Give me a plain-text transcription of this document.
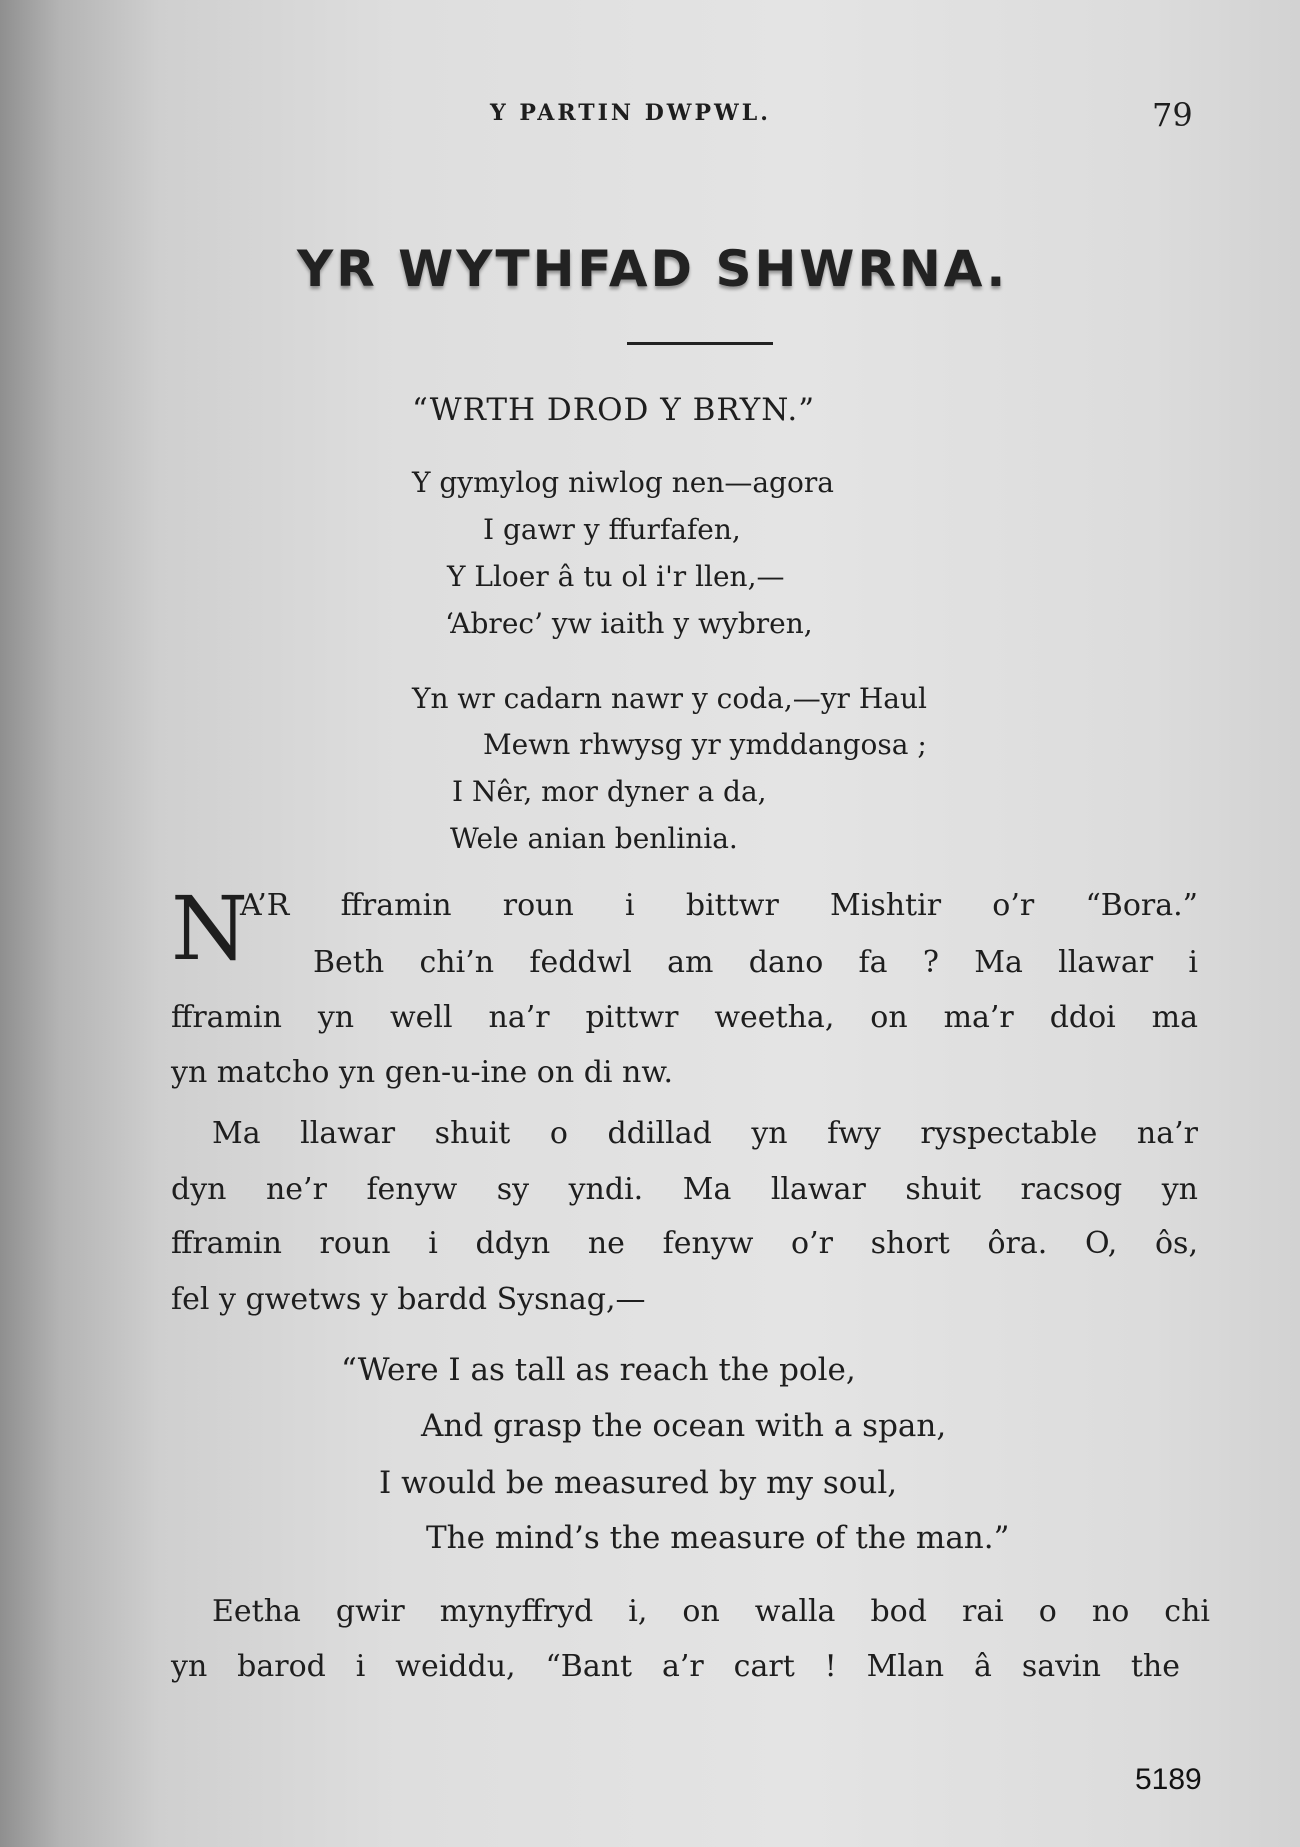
Y PARTIN DWPWL.	79
YR WYTHFAD SHWRNA.
“WRTH DROD Y BRYN.”
Y gymylog niwlog nen—agora
I gawr y ffurfafen,
Y Lloer â tu ol i'r llen,—
‘Abrec’ yw iaith y wybren,
Yn wr cadarn nawr y coda,—yr Haul
Mewn rhwysg yr ymddangosa ;
I Nêr, mor dyner a da,
Wele anian benlinia.
N
A’R fframin roun i bittwr Mishtir o’r “Bora.”
Beth chi’n feddwl am dano fa ? Ma llawar i
fframin yn well na’r pittwr weetha, on ma’r ddoi ma
yn matcho yn gen-u-ine on di nw.
Ma llawar shuit o ddillad yn fwy ryspectable na’r
dyn ne’r fenyw sy yndi. Ma llawar shuit racsog yn
fframin roun i ddyn ne fenyw o’r short ôra. O, ôs,
fel y gwetws y bardd Sysnag,—
“Were I as tall as reach the pole,
And grasp the ocean with a span,
I would be measured by my soul,
The mind’s the measure of the man.”
Eetha gwir mynyffryd i, on walla bod rai o no chi
yn barod i weiddu, “Bant a’r cart ! Mlan â savin the
5189
